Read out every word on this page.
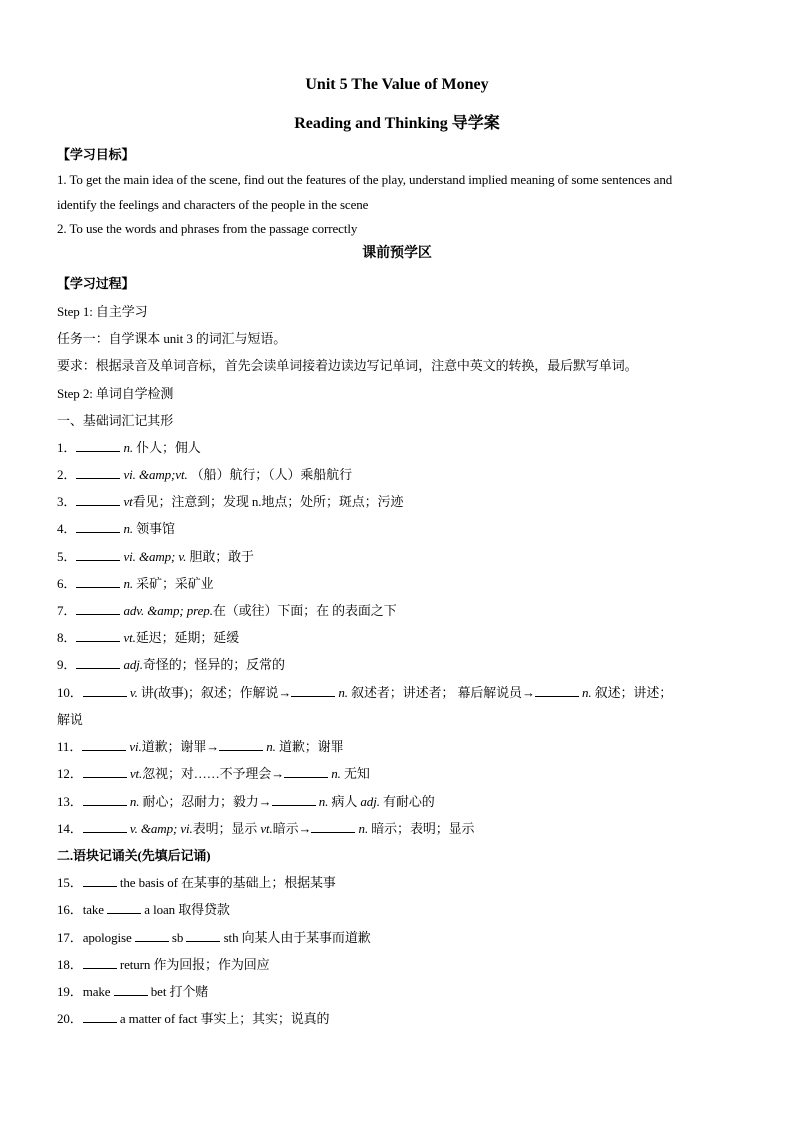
Unit 5 The Value of Money
Reading and Thinking 导学案
【学习目标】
1. To get the main idea of the scene, find out the features of the play, understand implied meaning of some sentences and
identify the feelings and characters of the people in the scene
2. To use the words and phrases from the passage correctly
课前预学区
【学习过程】
Step 1: 自主学习
任务一：自学课本 unit 3 的词汇与短语。
要求：根据录音及单词音标，首先会读单词接着边读边写记单词，注意中英文的转换，最后默写单词。
Step 2: 单词自学检测
一、基础词汇记其形
1．	n. 仆人；佣人
2．	vi. &amp;vt. （船）航行；（人）乘船航行
3．	vt看见；注意到；发现 n.地点；处所；斑点；污迹
4．	n. 领事馆
5．	vi. &amp; v. 胆敢；敢于
6．	n. 采矿；采矿业
7．	adv. &amp; prep.在（或往）下面；在 的表面之下
8．	vt.延迟；延期；延缓
9．	adj.奇怪的；怪异的；反常的
10．	v. 讲(故事)；叙述；作解说→	n. 叙述者；讲述者； 幕后解说员→	n. 叙述；讲述；
解说
11．	vi.道歉；谢罪→	n. 道歉；谢罪
12．	vt.忽视；对……不予理会→	n. 无知
13．	n. 耐心；忍耐力；毅力→	n. 病人 adj. 有耐心的
14．	v. &amp; vi.表明；显示 vt.暗示→	n. 暗示；表明；显示
二.语块记诵关(先填后记诵)
15．	the basis of 在某事的基础上；根据某事
16．take	a loan 取得贷款
17．apologise	sb	sth 向某人由于某事而道歉
18．	return 作为回报；作为回应
19．make	bet 打个赌
20．	a matter of fact 事实上；其实；说真的
